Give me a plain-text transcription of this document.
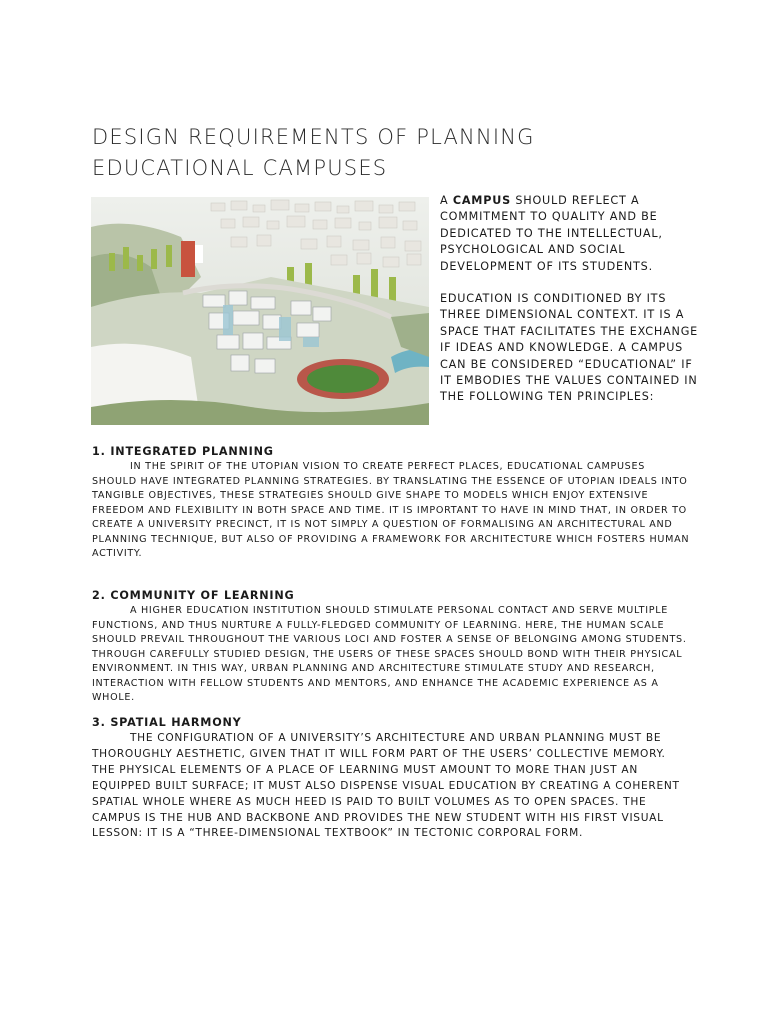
DESIGN REQUIREMENTS OF PLANNING EDUCATIONAL CAMPUSES

A CAMPUS SHOULD REFLECT A COMMITMENT TO QUALITY AND BE DEDICATED TO THE INTELLECTUAL, PSYCHOLOGICAL AND SOCIAL DEVELOPMENT OF ITS STUDENTS.

EDUCATION IS CONDITIONED BY ITS THREE DIMENSIONAL CONTEXT. IT IS A SPACE THAT FACILITATES THE EXCHANGE IF IDEAS AND KNOWLEDGE. A CAMPUS CAN BE CONSIDERED “EDUCATIONAL” IF IT EMBODIES THE VALUES CONTAINED IN THE FOLLOWING TEN PRINCIPLES:

1. INTEGRATED PLANNING

IN THE SPIRIT OF THE UTOPIAN VISION TO CREATE PERFECT PLACES, EDUCATIONAL CAMPUSES SHOULD HAVE INTEGRATED PLANNING STRATEGIES. BY TRANSLATING THE ESSENCE OF UTOPIAN IDEALS INTO TANGIBLE OBJECTIVES, THESE STRATEGIES SHOULD GIVE SHAPE TO MODELS WHICH ENJOY EXTENSIVE FREEDOM AND FLEXIBILITY IN BOTH SPACE AND TIME. IT IS IMPORTANT TO HAVE IN MIND THAT, IN ORDER TO CREATE A UNIVERSITY PRECINCT, IT IS NOT SIMPLY A QUESTION OF FORMALISING AN ARCHITECTURAL AND PLANNING TECHNIQUE, BUT ALSO OF PROVIDING A FRAMEWORK FOR ARCHITECTURE WHICH FOSTERS HUMAN ACTIVITY.

2. COMMUNITY OF LEARNING

A HIGHER EDUCATION INSTITUTION SHOULD STIMULATE PERSONAL CONTACT AND SERVE MULTIPLE FUNCTIONS, AND THUS NURTURE A FULLY-FLEDGED COMMUNITY OF LEARNING. HERE, THE HUMAN SCALE SHOULD PREVAIL THROUGHOUT THE VARIOUS LOCI AND FOSTER A SENSE OF BELONGING AMONG STUDENTS. THROUGH CAREFULLY STUDIED DESIGN, THE USERS OF THESE SPACES SHOULD BOND WITH THEIR PHYSICAL ENVIRONMENT. IN THIS WAY, URBAN PLANNING AND ARCHITECTURE STIMULATE STUDY AND RESEARCH, INTERACTION WITH FELLOW STUDENTS AND MENTORS, AND ENHANCE THE ACADEMIC EXPERIENCE AS A WHOLE.

3. SPATIAL HARMONY

THE CONFIGURATION OF A UNIVERSITY’S ARCHITECTURE AND URBAN PLANNING MUST BE THOROUGHLY AESTHETIC, GIVEN THAT IT WILL FORM PART OF THE USERS’ COLLECTIVE MEMORY. THE PHYSICAL ELEMENTS OF A PLACE OF LEARNING MUST AMOUNT TO MORE THAN JUST AN EQUIPPED BUILT SURFACE; IT MUST ALSO DISPENSE VISUAL EDUCATION BY CREATING A COHERENT SPATIAL WHOLE WHERE AS MUCH HEED IS PAID TO BUILT VOLUMES AS TO OPEN SPACES. THE CAMPUS IS THE HUB AND BACKBONE AND PROVIDES THE NEW STUDENT WITH HIS FIRST VISUAL LESSON: IT IS A “THREE-DIMENSIONAL TEXTBOOK” IN TECTONIC CORPORAL FORM.
